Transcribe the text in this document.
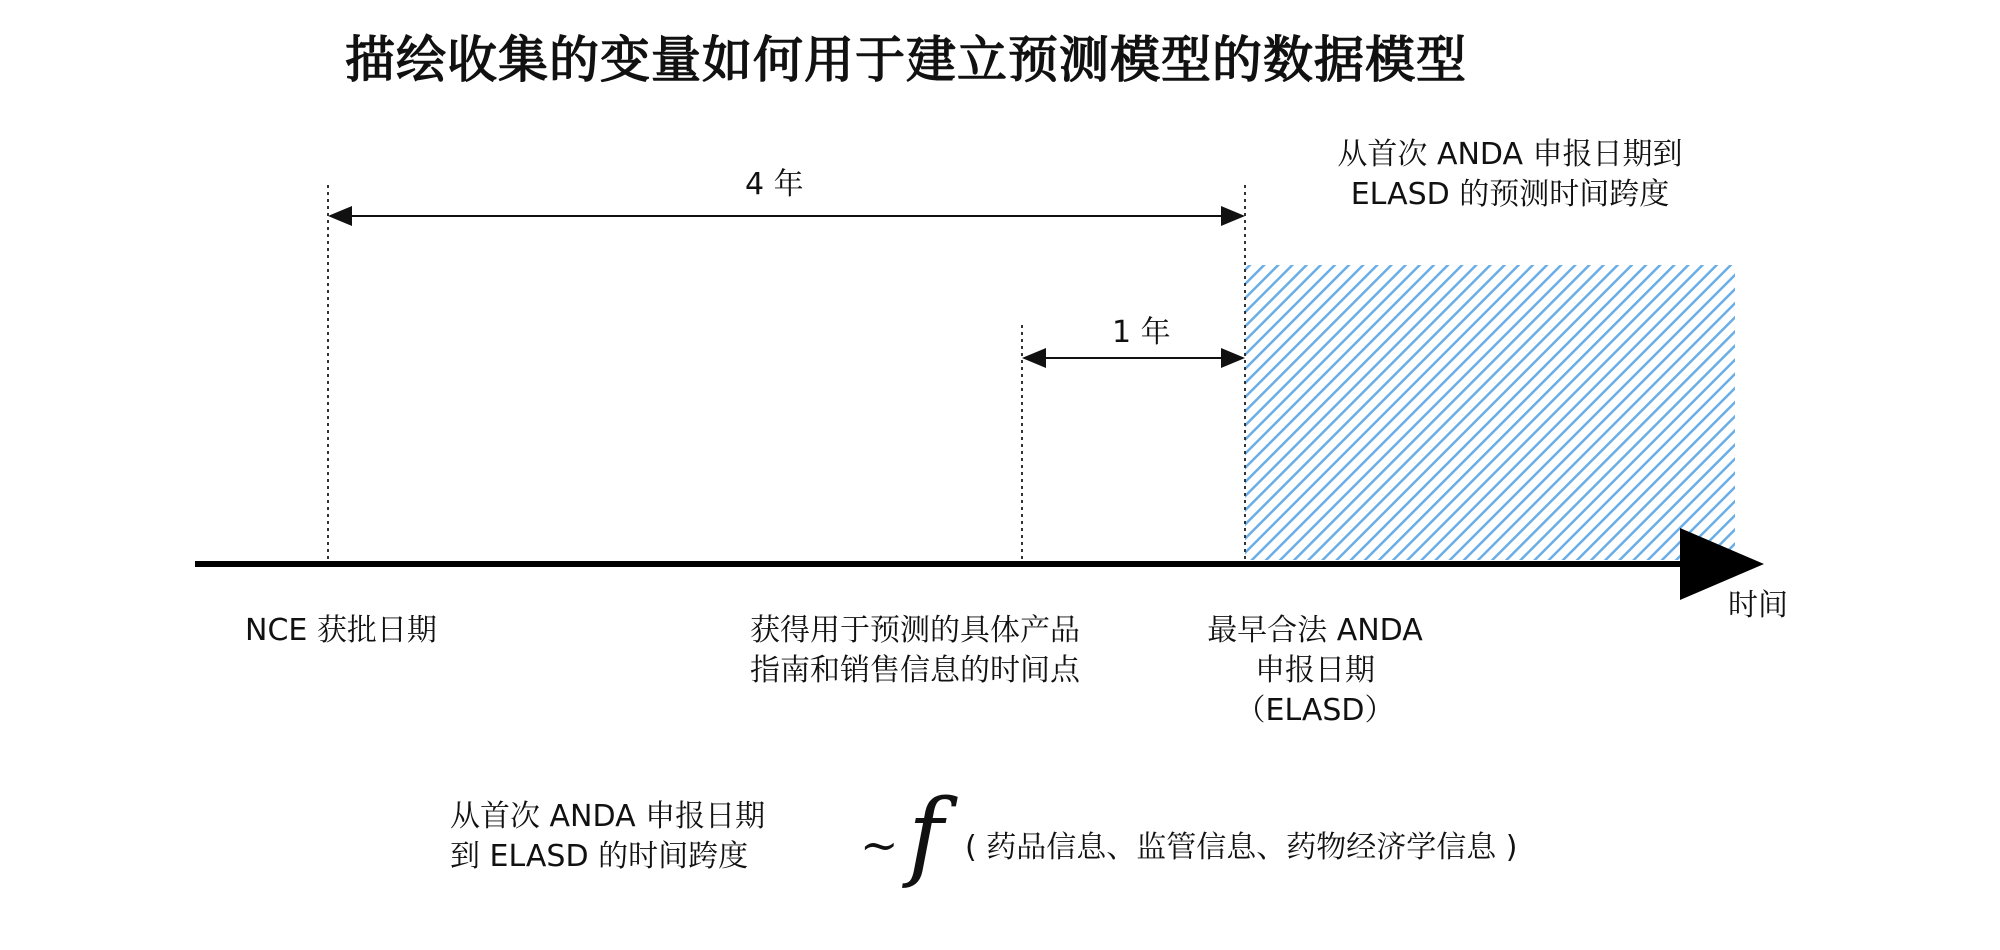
描绘收集的变量如何用于建立预测模型的数据模型
4 年
1 年
从首次 ANDA 申报日期到
ELASD 的预测时间跨度
时间
NCE 获批日期	获得用于预测的具体产品
指南和销售信息的时间点
最早合法 ANDA
申报日期
（ELASD）
从首次 ANDA 申报日期
到 ELASD 的时间跨度	~ f ( 药品信息、监管信息、药物经济学信息 )
